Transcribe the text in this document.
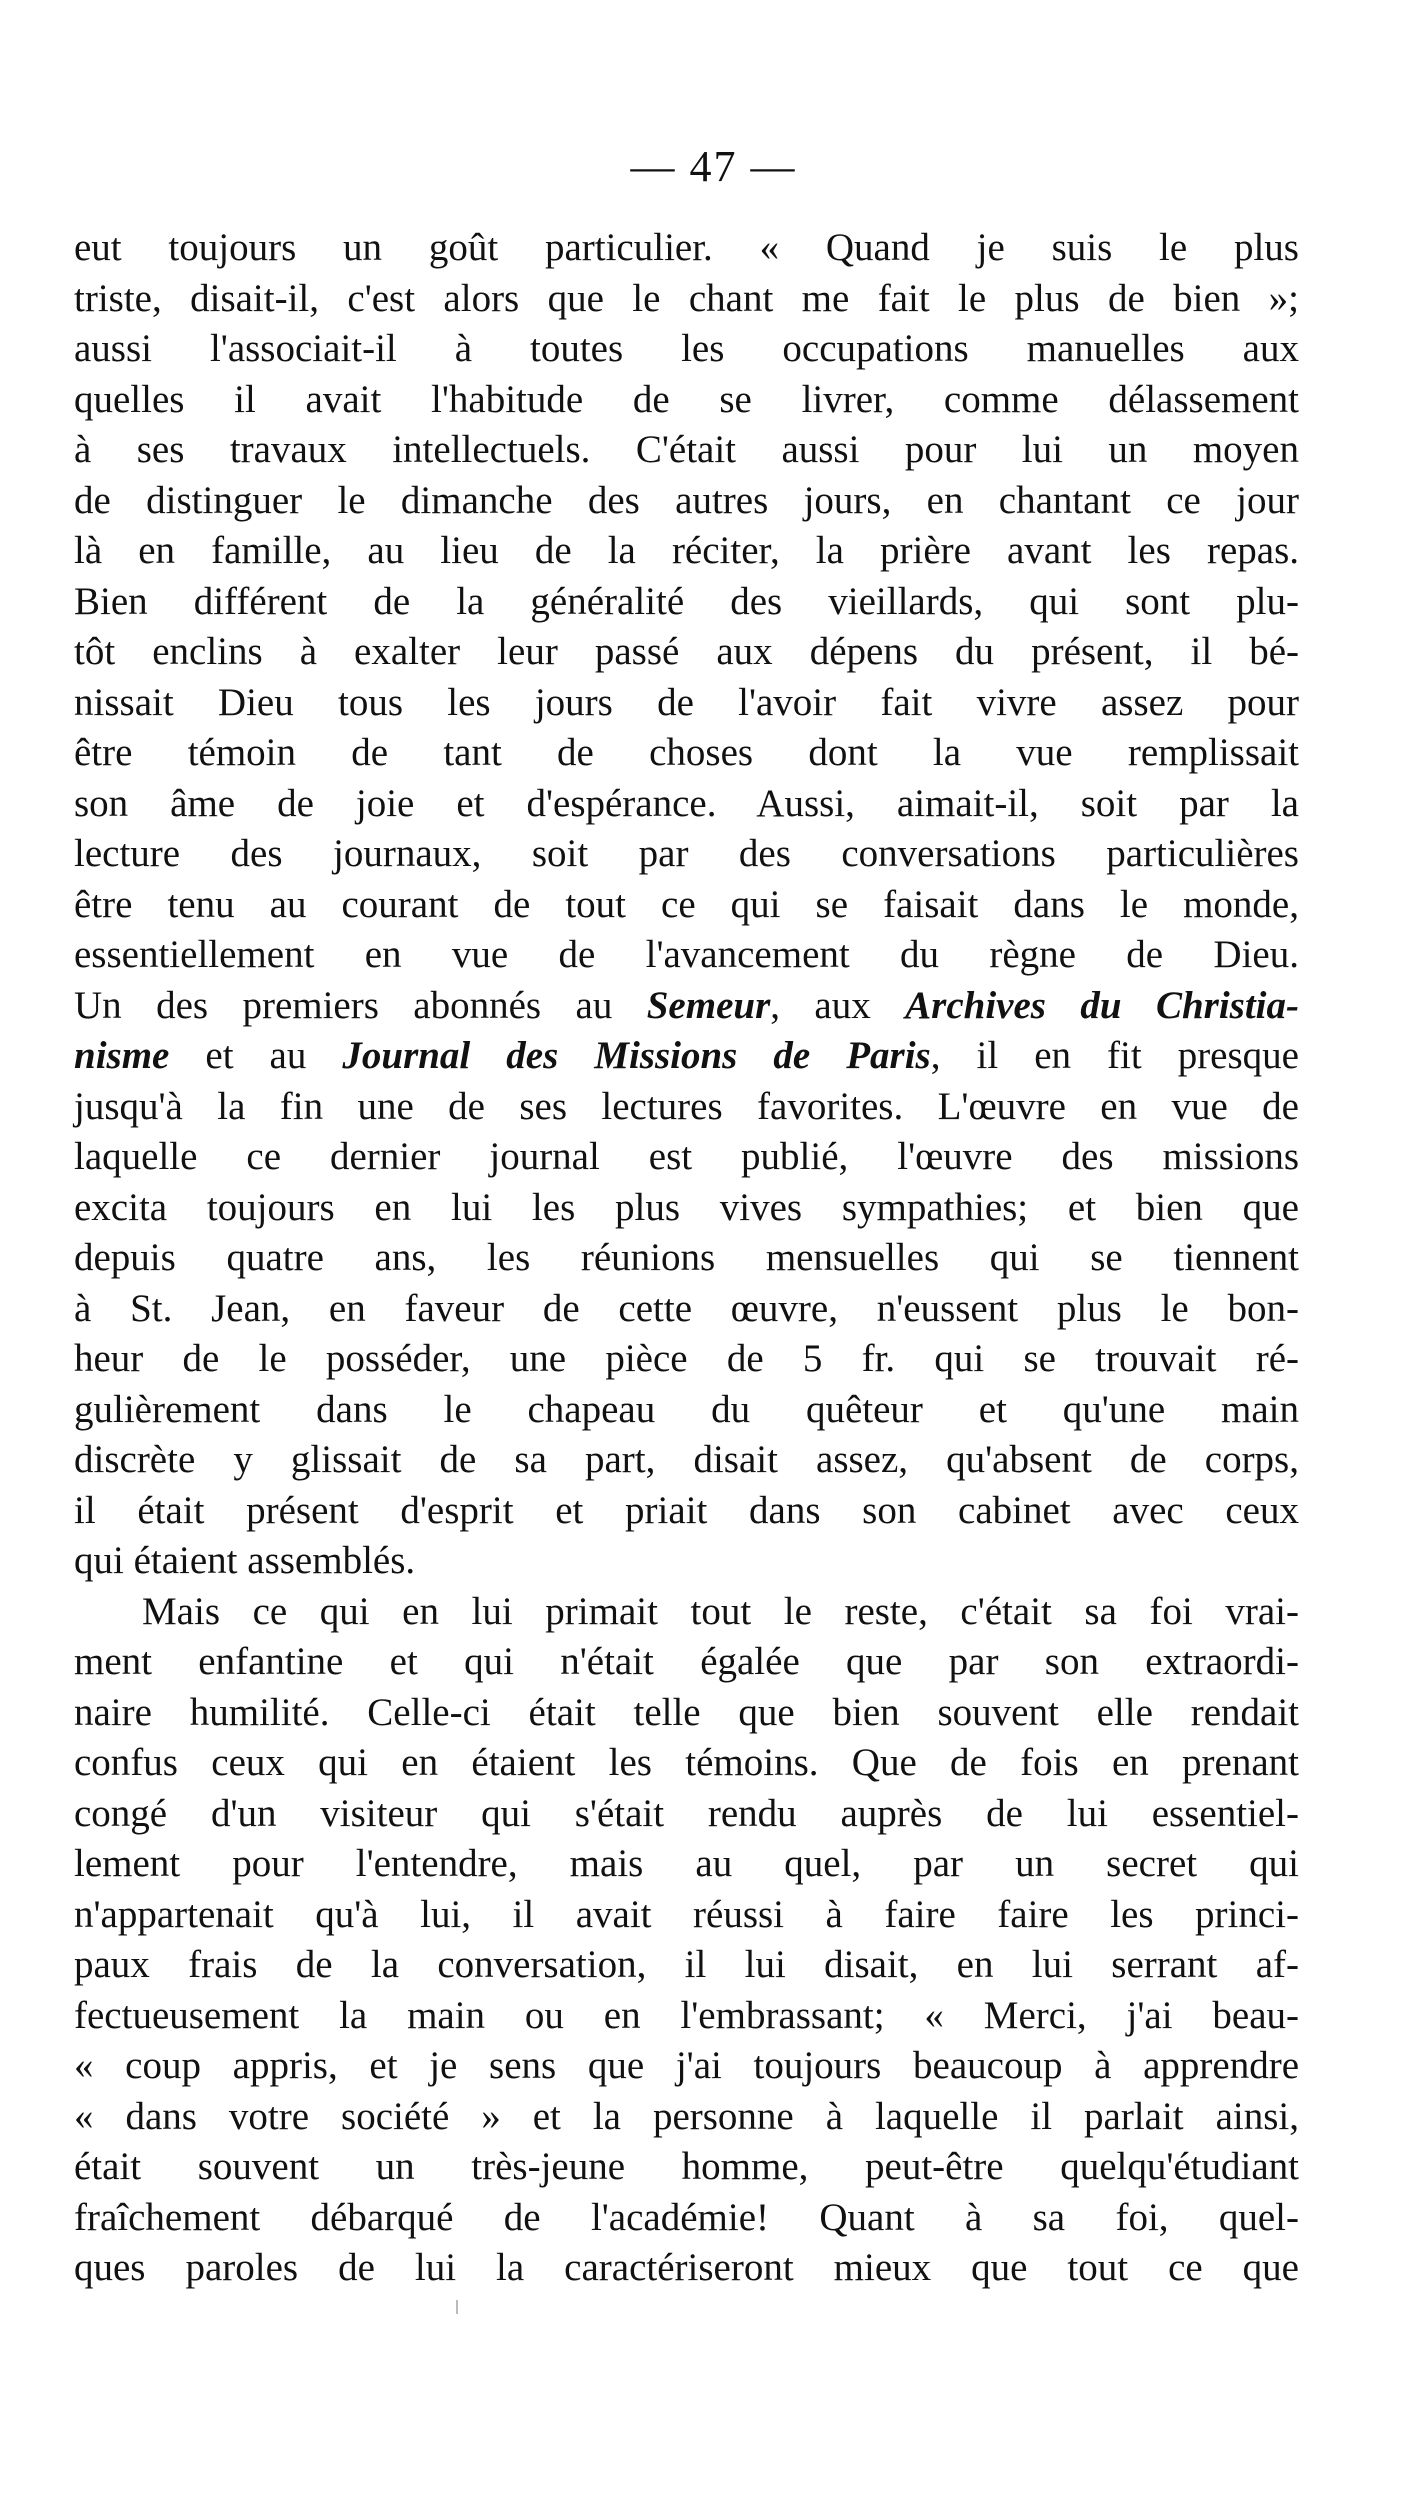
— 47 —
eut toujours un goût particulier. « Quand je suis le plus
triste, disait-il, c'est alors que le chant me fait le plus de bien »;
aussi l'associait-il à toutes les occupations manuelles aux
quelles il avait l'habitude de se livrer, comme délassement
à ses travaux intellectuels. C'était aussi pour lui un moyen
de distinguer le dimanche des autres jours, en chantant ce jour
là en famille, au lieu de la réciter, la prière avant les repas.
Bien différent de la généralité des vieillards, qui sont plu-
tôt enclins à exalter leur passé aux dépens du présent, il bé-
nissait Dieu tous les jours de l'avoir fait vivre assez pour
être témoin de tant de choses dont la vue remplissait
son âme de joie et d'espérance. Aussi, aimait-il, soit par la
lecture des journaux, soit par des conversations particulières
être tenu au courant de tout ce qui se faisait dans le monde,
essentiellement en vue de l'avancement du règne de Dieu.
Un des premiers abonnés au Semeur, aux Archives du Christia-
nisme et au Journal des Missions de Paris, il en fit presque
jusqu'à la fin une de ses lectures favorites. L'œuvre en vue de
laquelle ce dernier journal est publié, l'œuvre des missions
excita toujours en lui les plus vives sympathies; et bien que
depuis quatre ans, les réunions mensuelles qui se tiennent
à St. Jean, en faveur de cette œuvre, n'eussent plus le bon-
heur de le posséder, une pièce de 5 fr. qui se trouvait ré-
gulièrement dans le chapeau du quêteur et qu'une main
discrète y glissait de sa part, disait assez, qu'absent de corps,
il était présent d'esprit et priait dans son cabinet avec ceux
qui étaient assemblés.
Mais ce qui en lui primait tout le reste, c'était sa foi vrai-
ment enfantine et qui n'était égalée que par son extraordi-
naire humilité. Celle-ci était telle que bien souvent elle rendait
confus ceux qui en étaient les témoins. Que de fois en prenant
congé d'un visiteur qui s'était rendu auprès de lui essentiel-
lement pour l'entendre, mais au quel, par un secret qui
n'appartenait qu'à lui, il avait réussi à faire faire les princi-
paux frais de la conversation, il lui disait, en lui serrant af-
fectueusement la main ou en l'embrassant; « Merci, j'ai beau-
« coup appris, et je sens que j'ai toujours beaucoup à apprendre
« dans votre société » et la personne à laquelle il parlait ainsi,
était souvent un très-jeune homme, peut-être quelqu'étudiant
fraîchement débarqué de l'académie! Quant à sa foi, quel-
ques paroles de lui la caractériseront mieux que tout ce que
